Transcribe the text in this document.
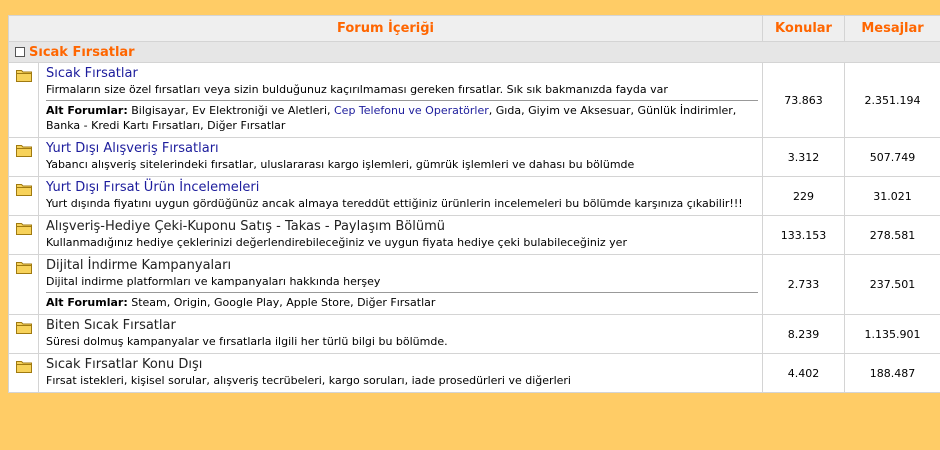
Forum İçeriği		Konular	Mesajlar
Sıcak Fırsatlar			

Sıcak Fırsatlar
Firmaların size özel fırsatları veya sizin bulduğunuz kaçırılmaması gereken fırsatlar. Sık sık bakmanızda fayda var
Alt Forumlar: Bilgisayar, Ev Elektroniği ve Aletleri, Cep Telefonu ve Operatörler, Gıda, Giyim ve Aksesuar, Günlük İndirimler, Banka - Kredi Kartı Fırsatları, Diğer Fırsatlar	73.863	2.351.194

Yurt Dışı Alışveriş Fırsatları
Yabancı alışveriş sitelerindeki fırsatlar, uluslararası kargo işlemleri, gümrük işlemleri ve dahası bu bölümde	3.312	507.749

Yurt Dışı Fırsat Ürün İncelemeleri
Yurt dışında fiyatını uygun gördüğünüz ancak almaya tereddüt ettiğiniz ürünlerin incelemeleri bu bölümde karşınıza çıkabilir!!!	229	31.021

Alışveriş-Hediye Çeki-Kuponu Satış - Takas - Paylaşım Bölümü
Kullanmadığınız hediye çeklerinizi değerlendirebileceğiniz ve uygun fiyata hediye çeki bulabileceğiniz yer	133.153	278.581

Dijital İndirme Kampanyaları
Dijital indirme platformları ve kampanyaları hakkında herşey
Alt Forumlar: Steam, Origin, Google Play, Apple Store, Diğer Fırsatlar	2.733	237.501

Biten Sıcak Fırsatlar
Süresi dolmuş kampanyalar ve fırsatlarla ilgili her türlü bilgi bu bölümde.	8.239	1.135.901

Sıcak Fırsatlar Konu Dışı
Fırsat istekleri, kişisel sorular, alışveriş tecrübeleri, kargo soruları, iade prosedürleri ve diğerleri	4.402	188.487
